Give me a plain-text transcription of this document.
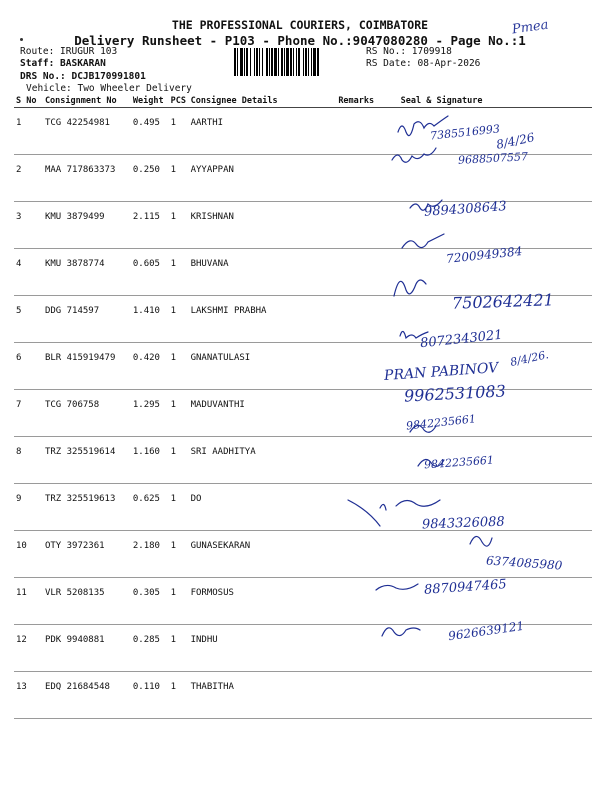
THE PROFESSIONAL COURIERS, COIMBATORE
Delivery Runsheet - P103 - Phone No.:9047080280 - Page No.:1
Pmea
Route: IRUGUR 103
Staff: BASKARAN
DRS No.: DCJB170991801
Vehicle: Two Wheeler Delivery
RS No.: 1709918
RS Date: 08-Apr-2026
S No	Consignment No	Weight	PCS	Consignee Details	Remarks	Seal & Signature
1	TCG 42254981	0.495	1	AARTHI		
2	MAA 717863373	0.250	1	AYYAPPAN		
3	KMU 3879499	2.115	1	KRISHNAN		
4	KMU 3878774	0.605	1	BHUVANA		
5	DDG 714597	1.410	1	LAKSHMI PRABHA		
6	BLR 415919479	0.420	1	GNANATULASI		
7	TCG 706758	1.295	1	MADUVANTHI		
8	TRZ 325519614	1.160	1	SRI AADHITYA		
9	TRZ 325519613	0.625	1	DO		
10	OTY 3972361	2.180	1	GUNASEKARAN		
11	VLR 5208135	0.305	1	FORMOSUS		
12	PDK 9940881	0.285	1	INDHU		
13	EDQ 21684548	0.110	1	THABITHA		
7385516993
8/4/26
9688507557
9894308643
7200949384
7502642421
8072343021
PRAN PABINOV
8/4/26.
9962531083
9842235661
9842235661
9843326088
6374085980
8870947465
9626639121
